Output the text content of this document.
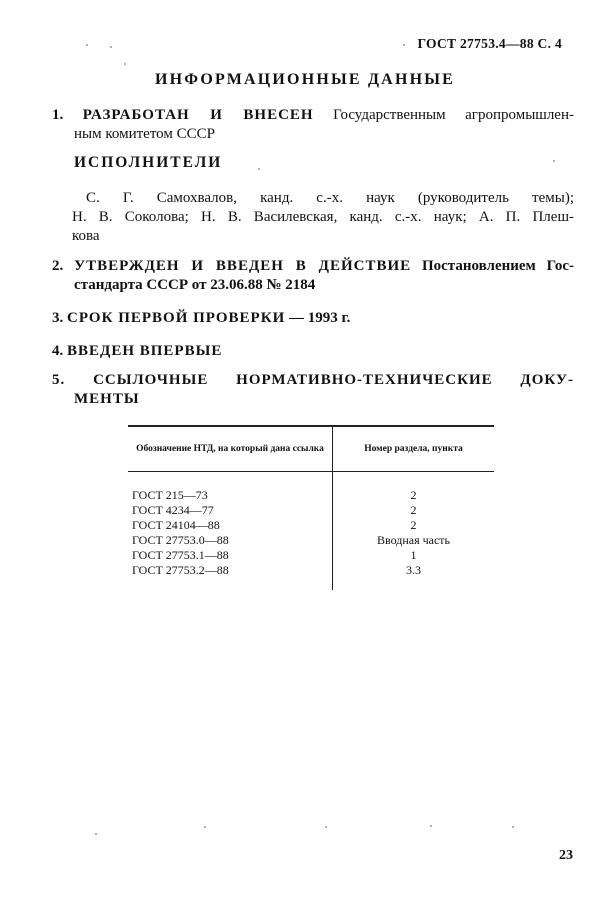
ГОСТ 27753.4—88 С. 4
ИНФОРМАЦИОННЫЕ ДАННЫЕ
1. РАЗРАБОТАН И ВНЕСЕН Государственным агропромышлен-
ным комитетом СССР
ИСПОЛНИТЕЛИ
С. Г. Самохвалов, канд. с.-х. наук (руководитель темы);
Н. В. Соколова; Н. В. Василевская, канд. с.-х. наук; А. П. Плеш-
кова
2. УТВЕРЖДЕН И ВВЕДЕН В ДЕЙСТВИЕ Постановлением Гос-
стандарта СССР от 23.06.88 № 2184
3. СРОК ПЕРВОЙ ПРОВЕРКИ — 1993 г.
4. ВВЕДЕН ВПЕРВЫЕ
5. ССЫЛОЧНЫЕ НОРМАТИВНО-ТЕХНИЧЕСКИЕ ДОКУ-
МЕНТЫ
Обозначение НТД, на который дана ссылка	Номер раздела, пункта

ГОСТ 215—73	2
ГОСТ 4234—77	2
ГОСТ 24104—88	2
ГОСТ 27753.0—88	Вводная часть
ГОСТ 27753.1—88	1
ГОСТ 27753.2—88	3.3

23
